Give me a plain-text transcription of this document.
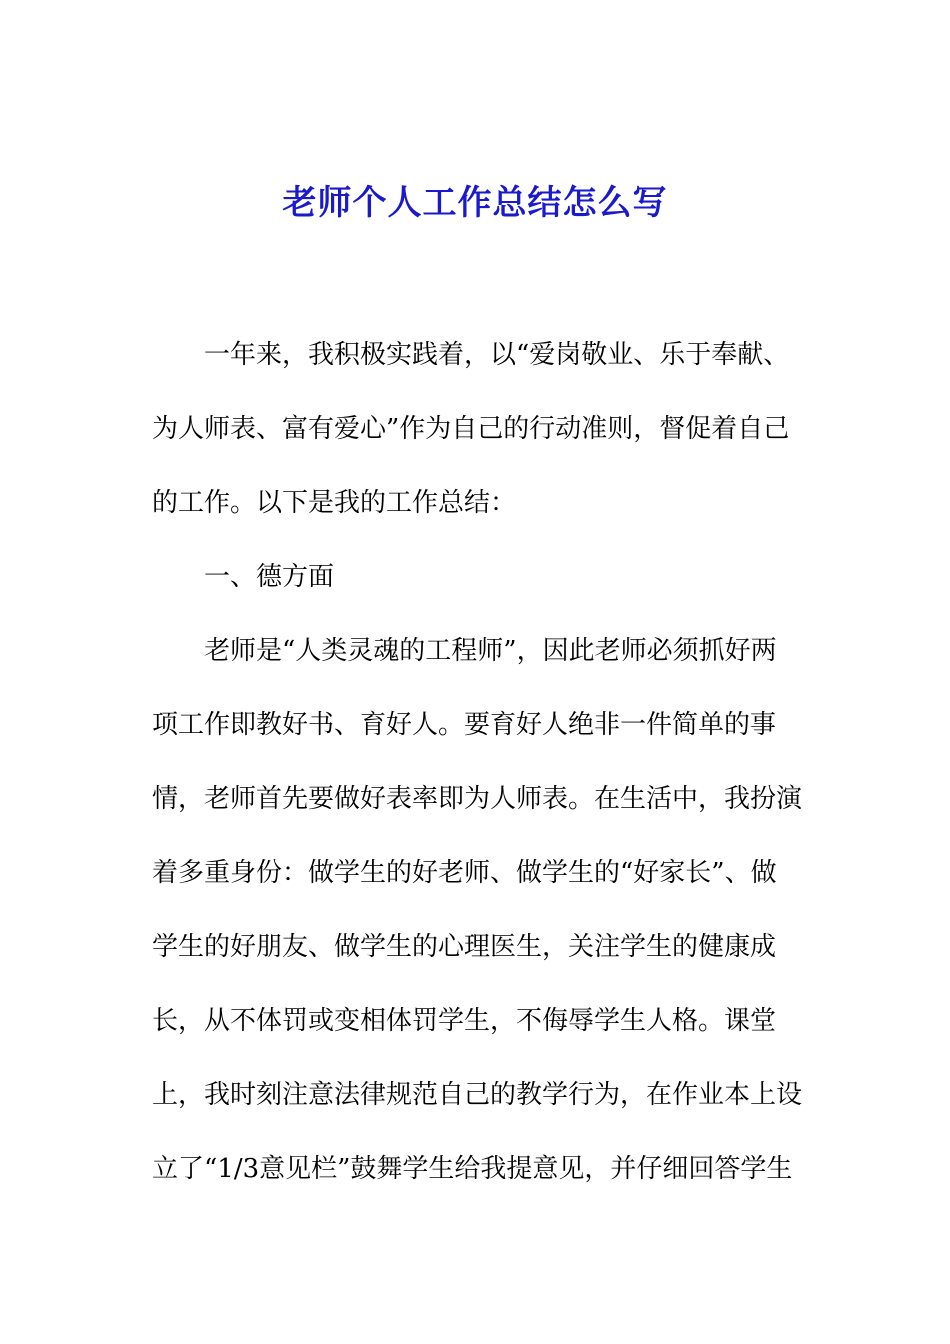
老师个人工作总结怎么写
一年来，我积极实践着，以“爱岗敬业、乐于奉献、
为人师表、富有爱心”作为自己的行动准则，督促着自己
的工作。以下是我的工作总结：
一、德方面
老师是“人类灵魂的工程师”，因此老师必须抓好两
项工作即教好书、育好人。要育好人绝非一件简单的事
情，老师首先要做好表率即为人师表。在生活中，我扮演
着多重身份：做学生的好老师、做学生的“好家长”、做
学生的好朋友、做学生的心理医生，关注学生的健康成
长，从不体罚或变相体罚学生，不侮辱学生人格。课堂
上，我时刻注意法律规范自己的教学行为，在作业本上设
立了“1/3意见栏”鼓舞学生给我提意见，并仔细回答学生
